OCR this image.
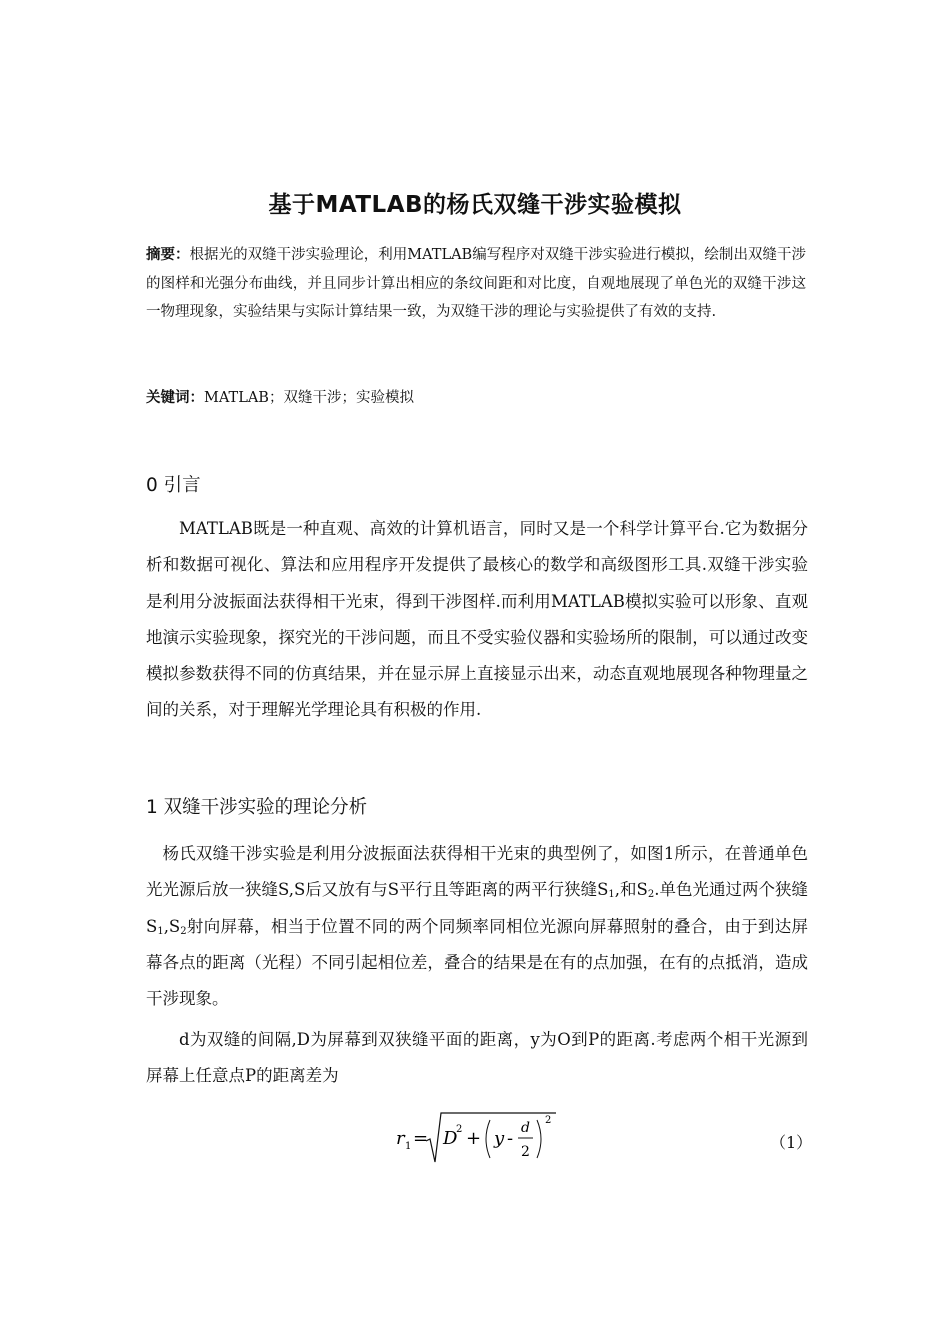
基于MATLAB的杨氏双缝干涉实验模拟
摘要：根据光的双缝干涉实验理论，利用MATLAB编写程序对双缝干涉实验进行模拟，绘制出双缝干涉的图样和光强分布曲线，并且同步计算出相应的条纹间距和对比度，自观地展现了单色光的双缝干涉这一物理现象，实验结果与实际计算结果一致，为双缝干涉的理论与实验提供了有效的支持.
关键词：MATLAB；双缝干涉；实验模拟
0 引言
MATLAB既是一种直观、高效的计算机语言，同时又是一个科学计算平台.它为数据分析和数据可视化、算法和应用程序开发提供了最核心的数学和高级图形工具.双缝干涉实验是利用分波振面法获得相干光束，得到干涉图样.而利用MATLAB模拟实验可以形象、直观地演示实验现象，探究光的干涉问题，而且不受实验仪器和实验场所的限制，可以通过改变模拟参数获得不同的仿真结果，并在显示屏上直接显示出来，动态直观地展现各种物理量之间的关系，对于理解光学理论具有积极的作用.
1 双缝干涉实验的理论分析
杨氏双缝干涉实验是利用分波振面法获得相干光束的典型例了，如图1所示，在普通单色光光源后放一狭缝S,S后又放有与S平行且等距离的两平行狭缝$S_1$,和$S_2$.单色光通过两个狭缝$S_1,S_2$射向屏幕，相当于位置不同的两个同频率同相位光源向屏幕照射的叠合，由于到达屏幕各点的距离（光程）不同引起相位差，叠合的结果是在有的点加强，在有的点抵消，造成干涉现象。
d为双缝的间隔,D为屏幕到双狭缝平面的距离，y为O到P的距离.考虑两个相干光源到屏幕上任意点P的距离差为
r 1 = D
2 + y - d
2
2
（1）
